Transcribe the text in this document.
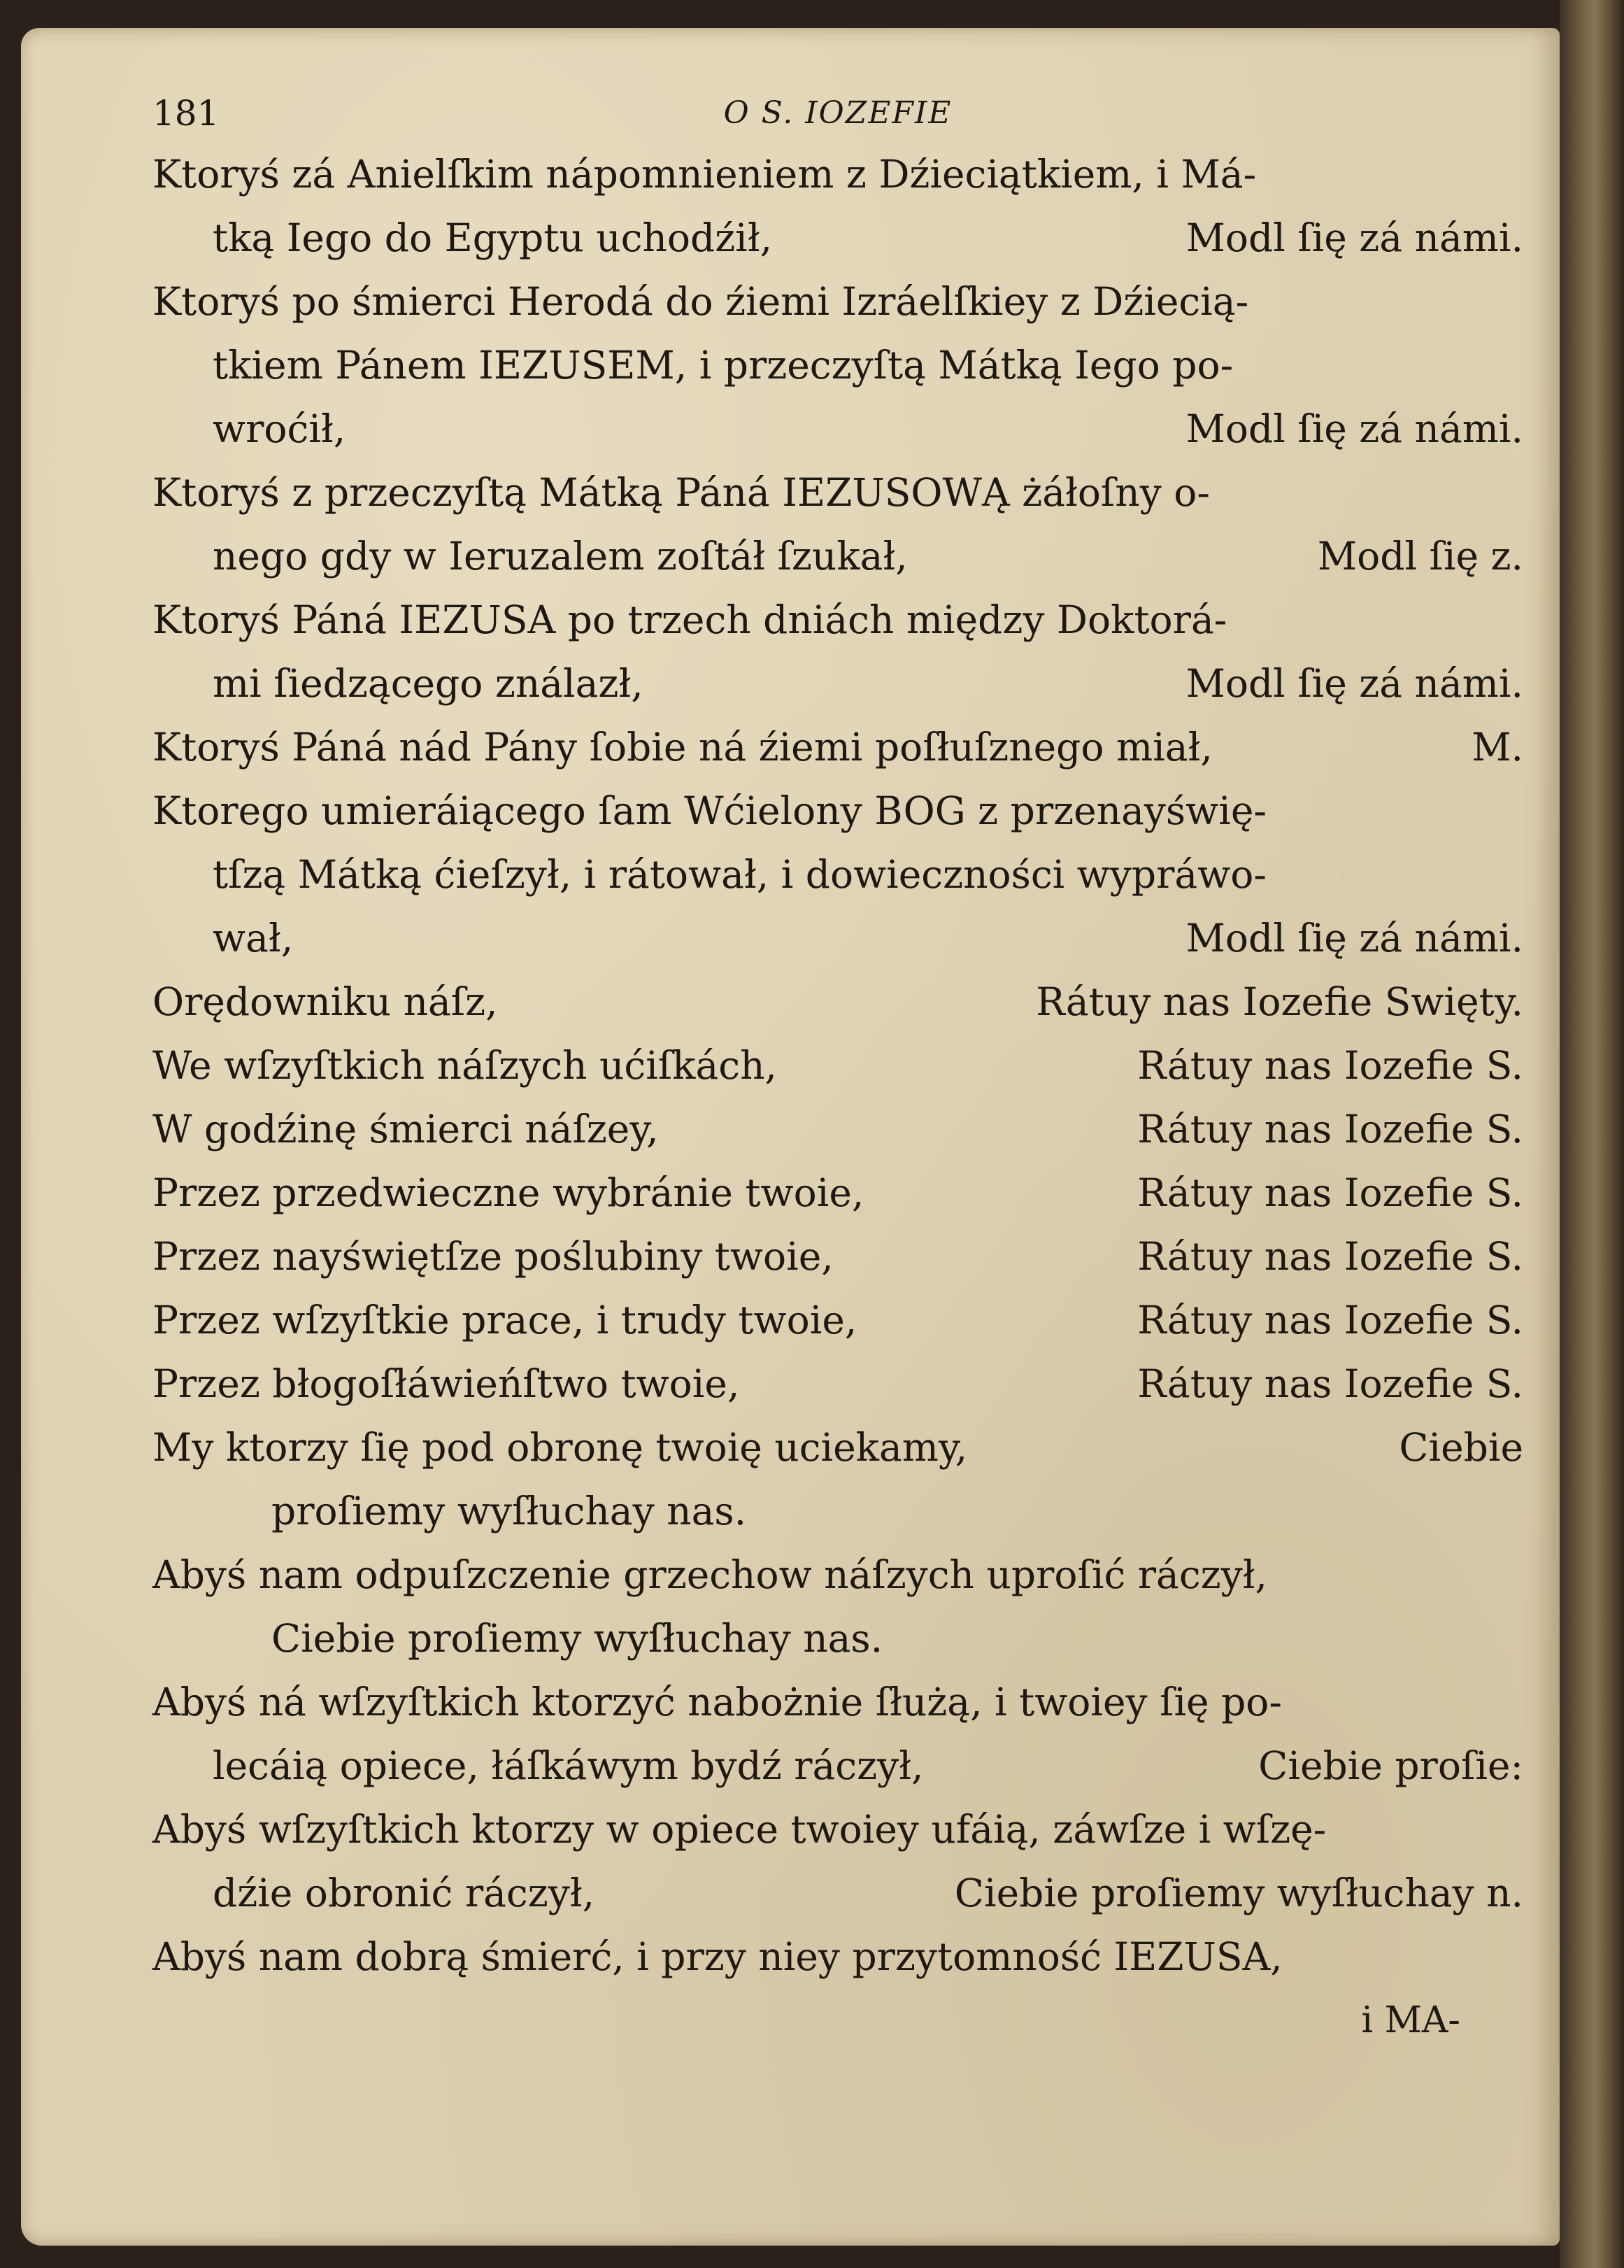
181	O S. IOZEFIE
Ktoryś zá Anielſkim nápomnieniem z Dźieciątkiem, i Má-
tką Iego do Egyptu uchodźił,	Modl ſię zá námi.
Ktoryś po śmierci Herodá do źiemi Izráelſkiey z Dźiecią-
tkiem Pánem IEZUSEM, i przeczyſtą Mátką Iego po-
wroćił,	Modl ſię zá námi.
Ktoryś z przeczyſtą Mátką Páná IEZUSOWĄ żáłoſny o-
nego gdy w Ieruzalem zoſtáł ſzukał,	Modl ſię z.
Ktoryś Páná IEZUSA po trzech dniách między Doktorá-
mi ſiedzącego ználazł,	Modl ſię zá námi.
Ktoryś Páná nád Pány ſobie ná źiemi poſłuſznego miał,	M.
Ktorego umieráiącego ſam Wćielony BOG z przenayświę-
tſzą Mátką ćieſzył, i rátował, i dowieczności wypráwo-
wał,	Modl ſię zá námi.
Orędowniku náſz,	Rátuy nas Iozefie Swięty.
We wſzyſtkich náſzych ućiſkách,	Rátuy nas Iozefie S.
W godźinę śmierci náſzey,	Rátuy nas Iozefie S.
Przez przedwieczne wybránie twoie,	Rátuy nas Iozefie S.
Przez nayświętſze poślubiny twoie,	Rátuy nas Iozefie S.
Przez wſzyſtkie prace, i trudy twoie,	Rátuy nas Iozefie S.
Przez błogoſłáwieńſtwo twoie,	Rátuy nas Iozefie S.
My ktorzy ſię pod obronę twoię uciekamy,	Ciebie
proſiemy wyſłuchay nas.
Abyś nam odpuſzczenie grzechow náſzych uproſić ráczył,
Ciebie proſiemy wyſłuchay nas.
Abyś ná wſzyſtkich ktorzyć nabożnie ſłużą, i twoiey ſię po-
lecáią opiece, łáſkáwym bydź ráczył,	Ciebie proſie:
Abyś wſzyſtkich ktorzy w opiece twoiey ufáią, záwſze i wſzę-
dźie obronić ráczył,	Ciebie proſiemy wyſłuchay n.
Abyś nam dobrą śmierć, i przy niey przytomność IEZUSA,
i MA-
